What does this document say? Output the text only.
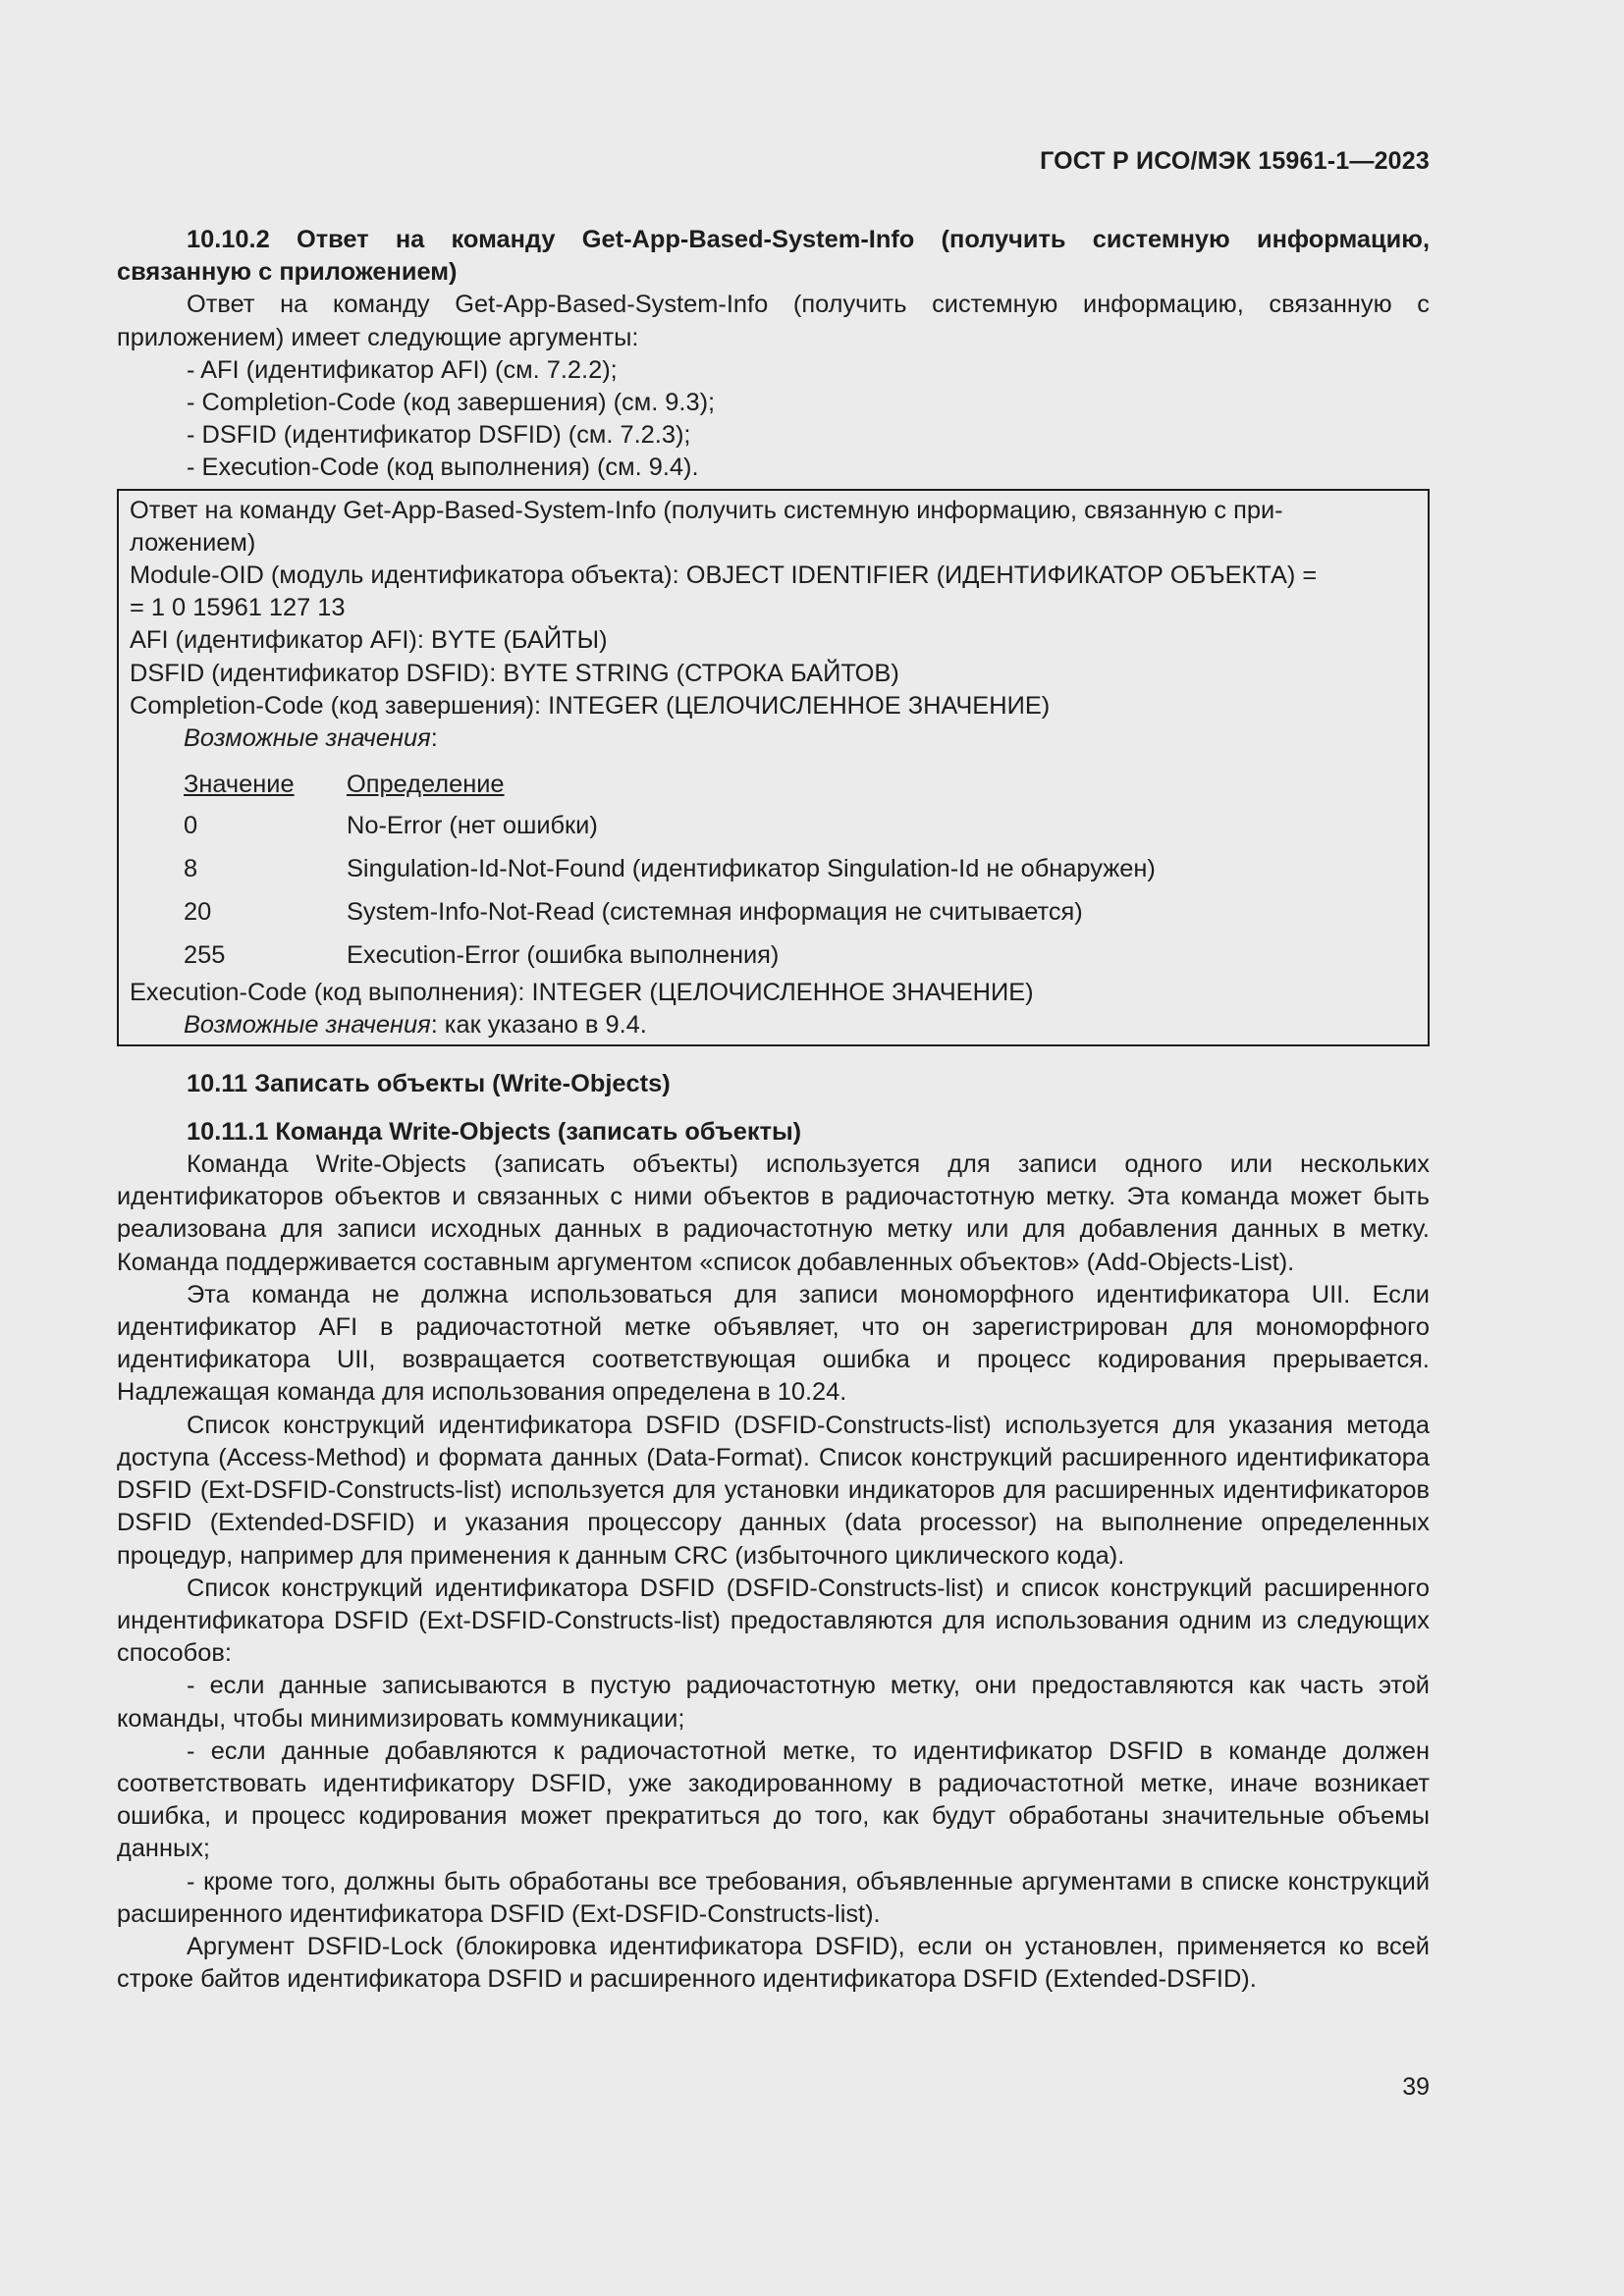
ГОСТ Р ИСО/МЭК 15961-1—2023

10.10.2 Ответ на команду Get-App-Based-System-Info (получить системную информацию, связанную с приложением)

Ответ на команду Get-App-Based-System-Info (получить системную информацию, связанную с приложением) имеет следующие аргументы:

- AFI (идентификатор AFI) (см. 7.2.2);

- Completion-Code (код завершения) (см. 9.3);

- DSFID (идентификатор DSFID) (см. 7.2.3);

- Execution-Code (код выполнения) (см. 9.4).

Ответ на команду Get-App-Based-System-Info (получить системную информацию, связанную с при-
ложением)
Module-OID (модуль идентификатора объекта): OBJECT IDENTIFIER (ИДЕНТИФИКАТОР ОБЪЕКТА) =
= 1 0 15961 127 13
AFI (идентификатор AFI): BYTE (БАЙТЫ)
DSFID (идентификатор DSFID): BYTE STRING (СТРОКА БАЙТОВ)
Completion-Code (код завершения): INTEGER (ЦЕЛОЧИСЛЕННОЕ ЗНАЧЕНИЕ)
Возможные значения:
Значение	Определение
0	No-Error (нет ошибки)
8	Singulation-Id-Not-Found (идентификатор Singulation-Id не обнаружен)
20	System-Info-Not-Read (системная информация не считывается)
255	Execution-Error (ошибка выполнения)
Execution-Code (код выполнения): INTEGER (ЦЕЛОЧИСЛЕННОЕ ЗНАЧЕНИЕ)
Возможные значения: как указано в 9.4.

10.11 Записать объекты (Write-Objects)

10.11.1 Команда Write-Objects (записать объекты)

Команда Write-Objects (записать объекты) используется для записи одного или нескольких идентификаторов объектов и связанных с ними объектов в радиочастотную метку. Эта команда может быть реализована для записи исходных данных в радиочастотную метку или для добавления данных в метку. Команда поддерживается составным аргументом «список добавленных объектов» (Add-Objects-List).

Эта команда не должна использоваться для записи мономорфного идентификатора UII. Если идентификатор AFI в радиочастотной метке объявляет, что он зарегистрирован для мономорфного идентификатора UII, возвращается соответствующая ошибка и процесс кодирования прерывается. Надлежащая команда для использования определена в 10.24.

Список конструкций идентификатора DSFID (DSFID-Constructs-list) используется для указания метода доступа (Access-Method) и формата данных (Data-Format). Список конструкций расширенного идентификатора DSFID (Ext-DSFID-Constructs-list) используется для установки индикаторов для расширенных идентификаторов DSFID (Extended-DSFID) и указания процессору данных (data processor) на выполнение определенных процедур, например для применения к данным CRC (избыточного циклического кода).

Список конструкций идентификатора DSFID (DSFID-Constructs-list) и список конструкций расширенного индентификатора DSFID (Ext-DSFID-Constructs-list) предоставляются для использования одним из следующих способов:

- если данные записываются в пустую радиочастотную метку, они предоставляются как часть этой команды, чтобы минимизировать коммуникации;

- если данные добавляются к радиочастотной метке, то идентификатор DSFID в команде должен соответствовать идентификатору DSFID, уже закодированному в радиочастотной метке, иначе возникает ошибка, и процесс кодирования может прекратиться до того, как будут обработаны значительные объемы данных;

- кроме того, должны быть обработаны все требования, объявленные аргументами в списке конструкций расширенного идентификатора DSFID (Ext-DSFID-Constructs-list).

Аргумент DSFID-Lock (блокировка идентификатора DSFID), если он установлен, применяется ко всей строке байтов идентификатора DSFID и расширенного идентификатора DSFID (Extended-DSFID).

39
